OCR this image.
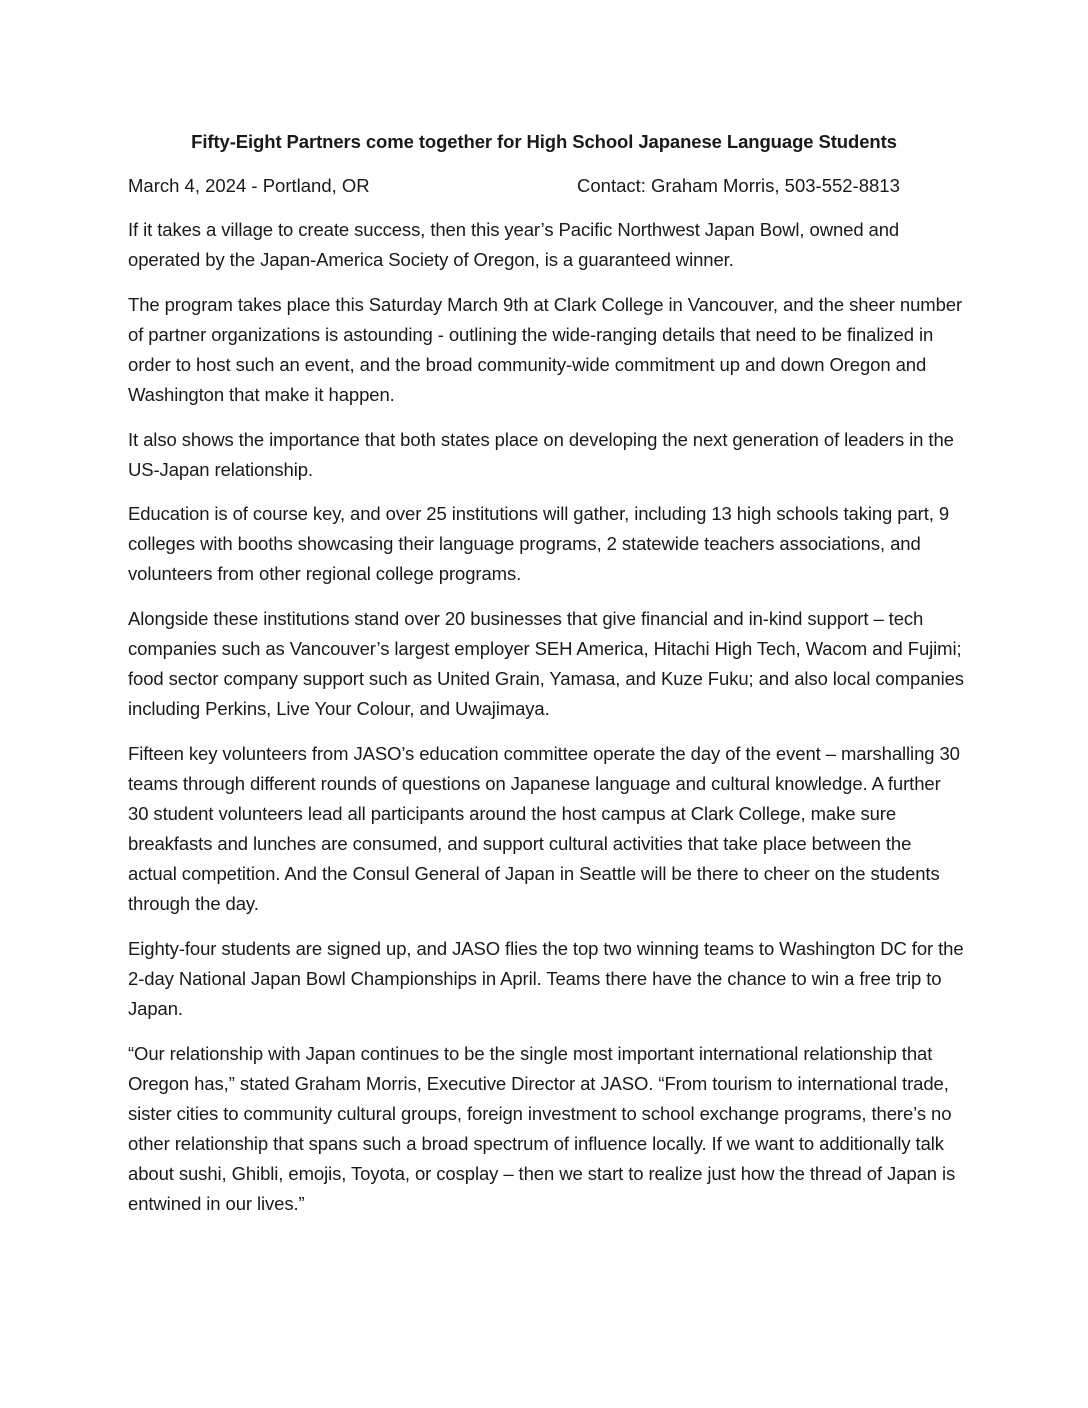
Fifty-Eight Partners come together for High School Japanese Language Students
March 4, 2024 - Portland, OR	Contact: Graham Morris, 503-552-8813

If it takes a village to create success, then this year’s Pacific Northwest Japan Bowl, owned and operated by the Japan-America Society of Oregon, is a guaranteed winner.

The program takes place this Saturday March 9th at Clark College in Vancouver, and the sheer number of partner organizations is astounding - outlining the wide-ranging details that need to be finalized in order to host such an event, and the broad community-wide commitment up and down Oregon and Washington that make it happen.

It also shows the importance that both states place on developing the next generation of leaders in the US-Japan relationship.

Education is of course key, and over 25 institutions will gather, including 13 high schools taking part, 9 colleges with booths showcasing their language programs, 2 statewide teachers associations, and volunteers from other regional college programs.

Alongside these institutions stand over 20 businesses that give financial and in-kind support – tech companies such as Vancouver’s largest employer SEH America, Hitachi High Tech, Wacom and Fujimi; food sector company support such as United Grain, Yamasa, and Kuze Fuku; and also local companies including Perkins, Live Your Colour, and Uwajimaya.

Fifteen key volunteers from JASO’s education committee operate the day of the event – marshalling 30 teams through different rounds of questions on Japanese language and cultural knowledge. A further 30 student volunteers lead all participants around the host campus at Clark College, make sure breakfasts and lunches are consumed, and support cultural activities that take place between the actual competition. And the Consul General of Japan in Seattle will be there to cheer on the students through the day.

Eighty-four students are signed up, and JASO flies the top two winning teams to Washington DC for the 2-day National Japan Bowl Championships in April. Teams there have the chance to win a free trip to Japan.

“Our relationship with Japan continues to be the single most important international relationship that Oregon has,” stated Graham Morris, Executive Director at JASO. “From tourism to international trade, sister cities to community cultural groups, foreign investment to school exchange programs, there’s no other relationship that spans such a broad spectrum of influence locally. If we want to additionally talk about sushi, Ghibli, emojis, Toyota, or cosplay – then we start to realize just how the thread of Japan is entwined in our lives.”
